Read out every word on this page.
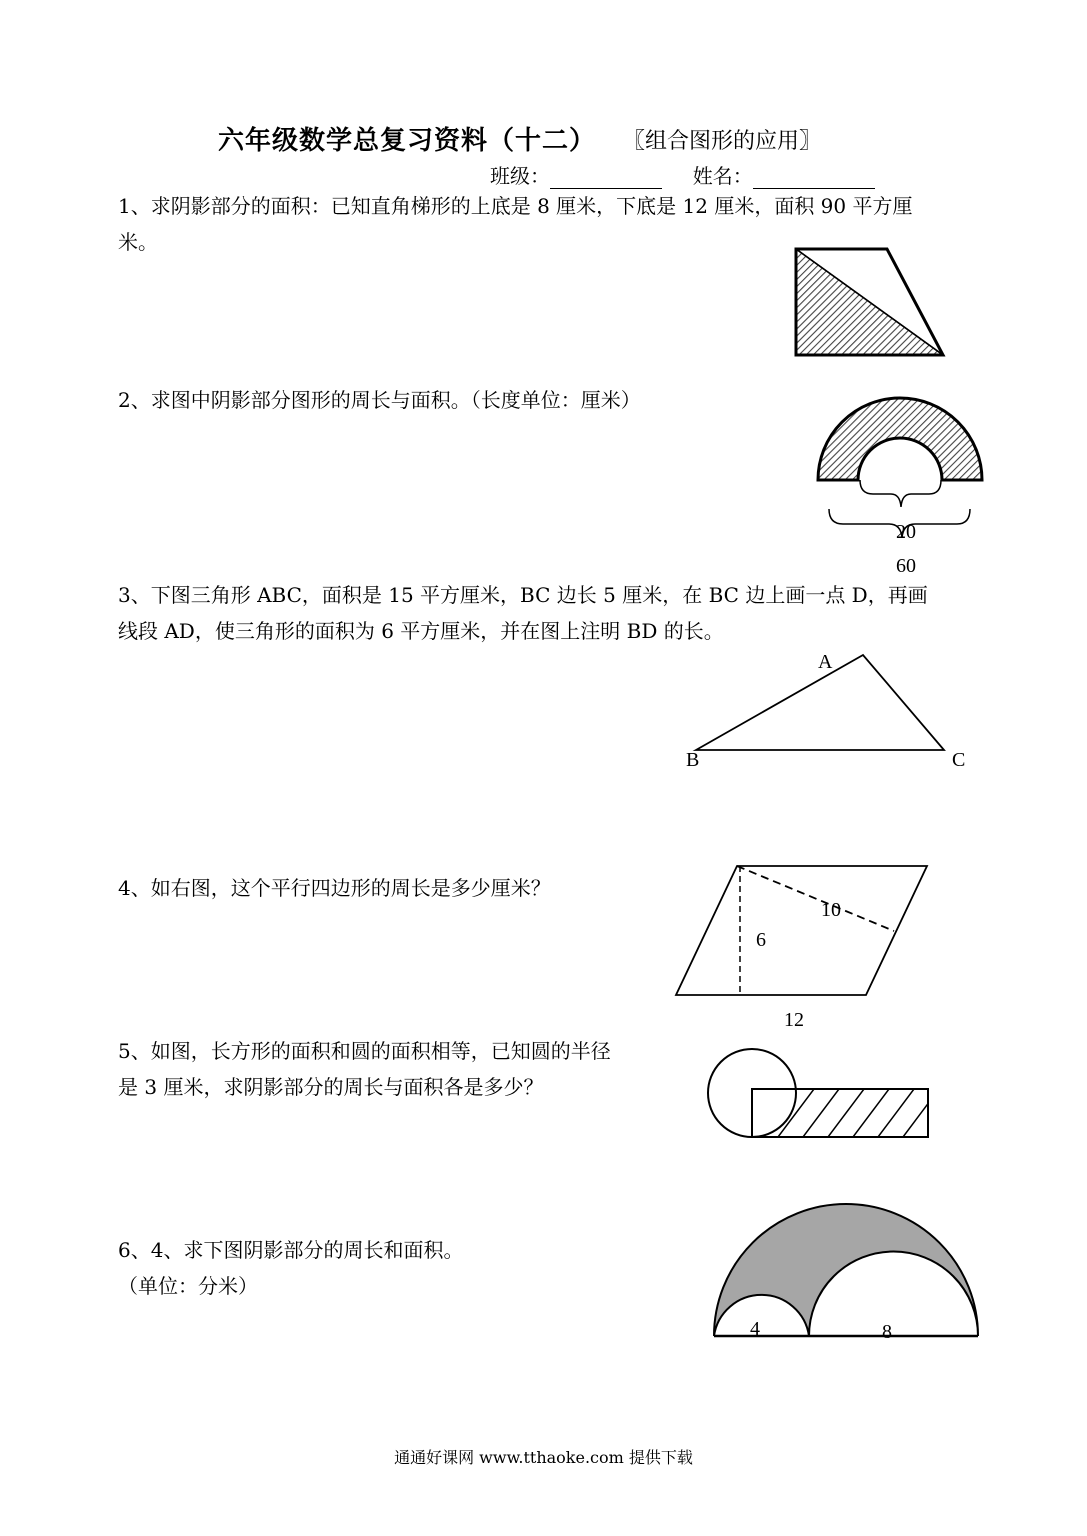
六年级数学总复习资料（十二） 〖组合图形的应用〗
班级：	姓名：
1、求阴影部分的面积：已知直角梯形的上底是 8 厘米，下底是 12 厘米，面积 90 平方厘
米。
2、求图中阴影部分图形的周长与面积。（长度单位：厘米）
20
60
3、下图三角形 ABC，面积是 15 平方厘米，BC 边长 5 厘米，在 BC 边上画一点 D，再画
线段 AD，使三角形的面积为 6 平方厘米，并在图上注明 BD 的长。
A
B	C
4、如右图，这个平行四边形的周长是多少厘米？
10
6
12
5、如图，长方形的面积和圆的面积相等，已知圆的半径
是 3 厘米，求阴影部分的周长与面积各是多少？
6、4、求下图阴影部分的周长和面积。
（单位：分米）
4	8
通通好课网 www.tthaoke.com 提供下载
